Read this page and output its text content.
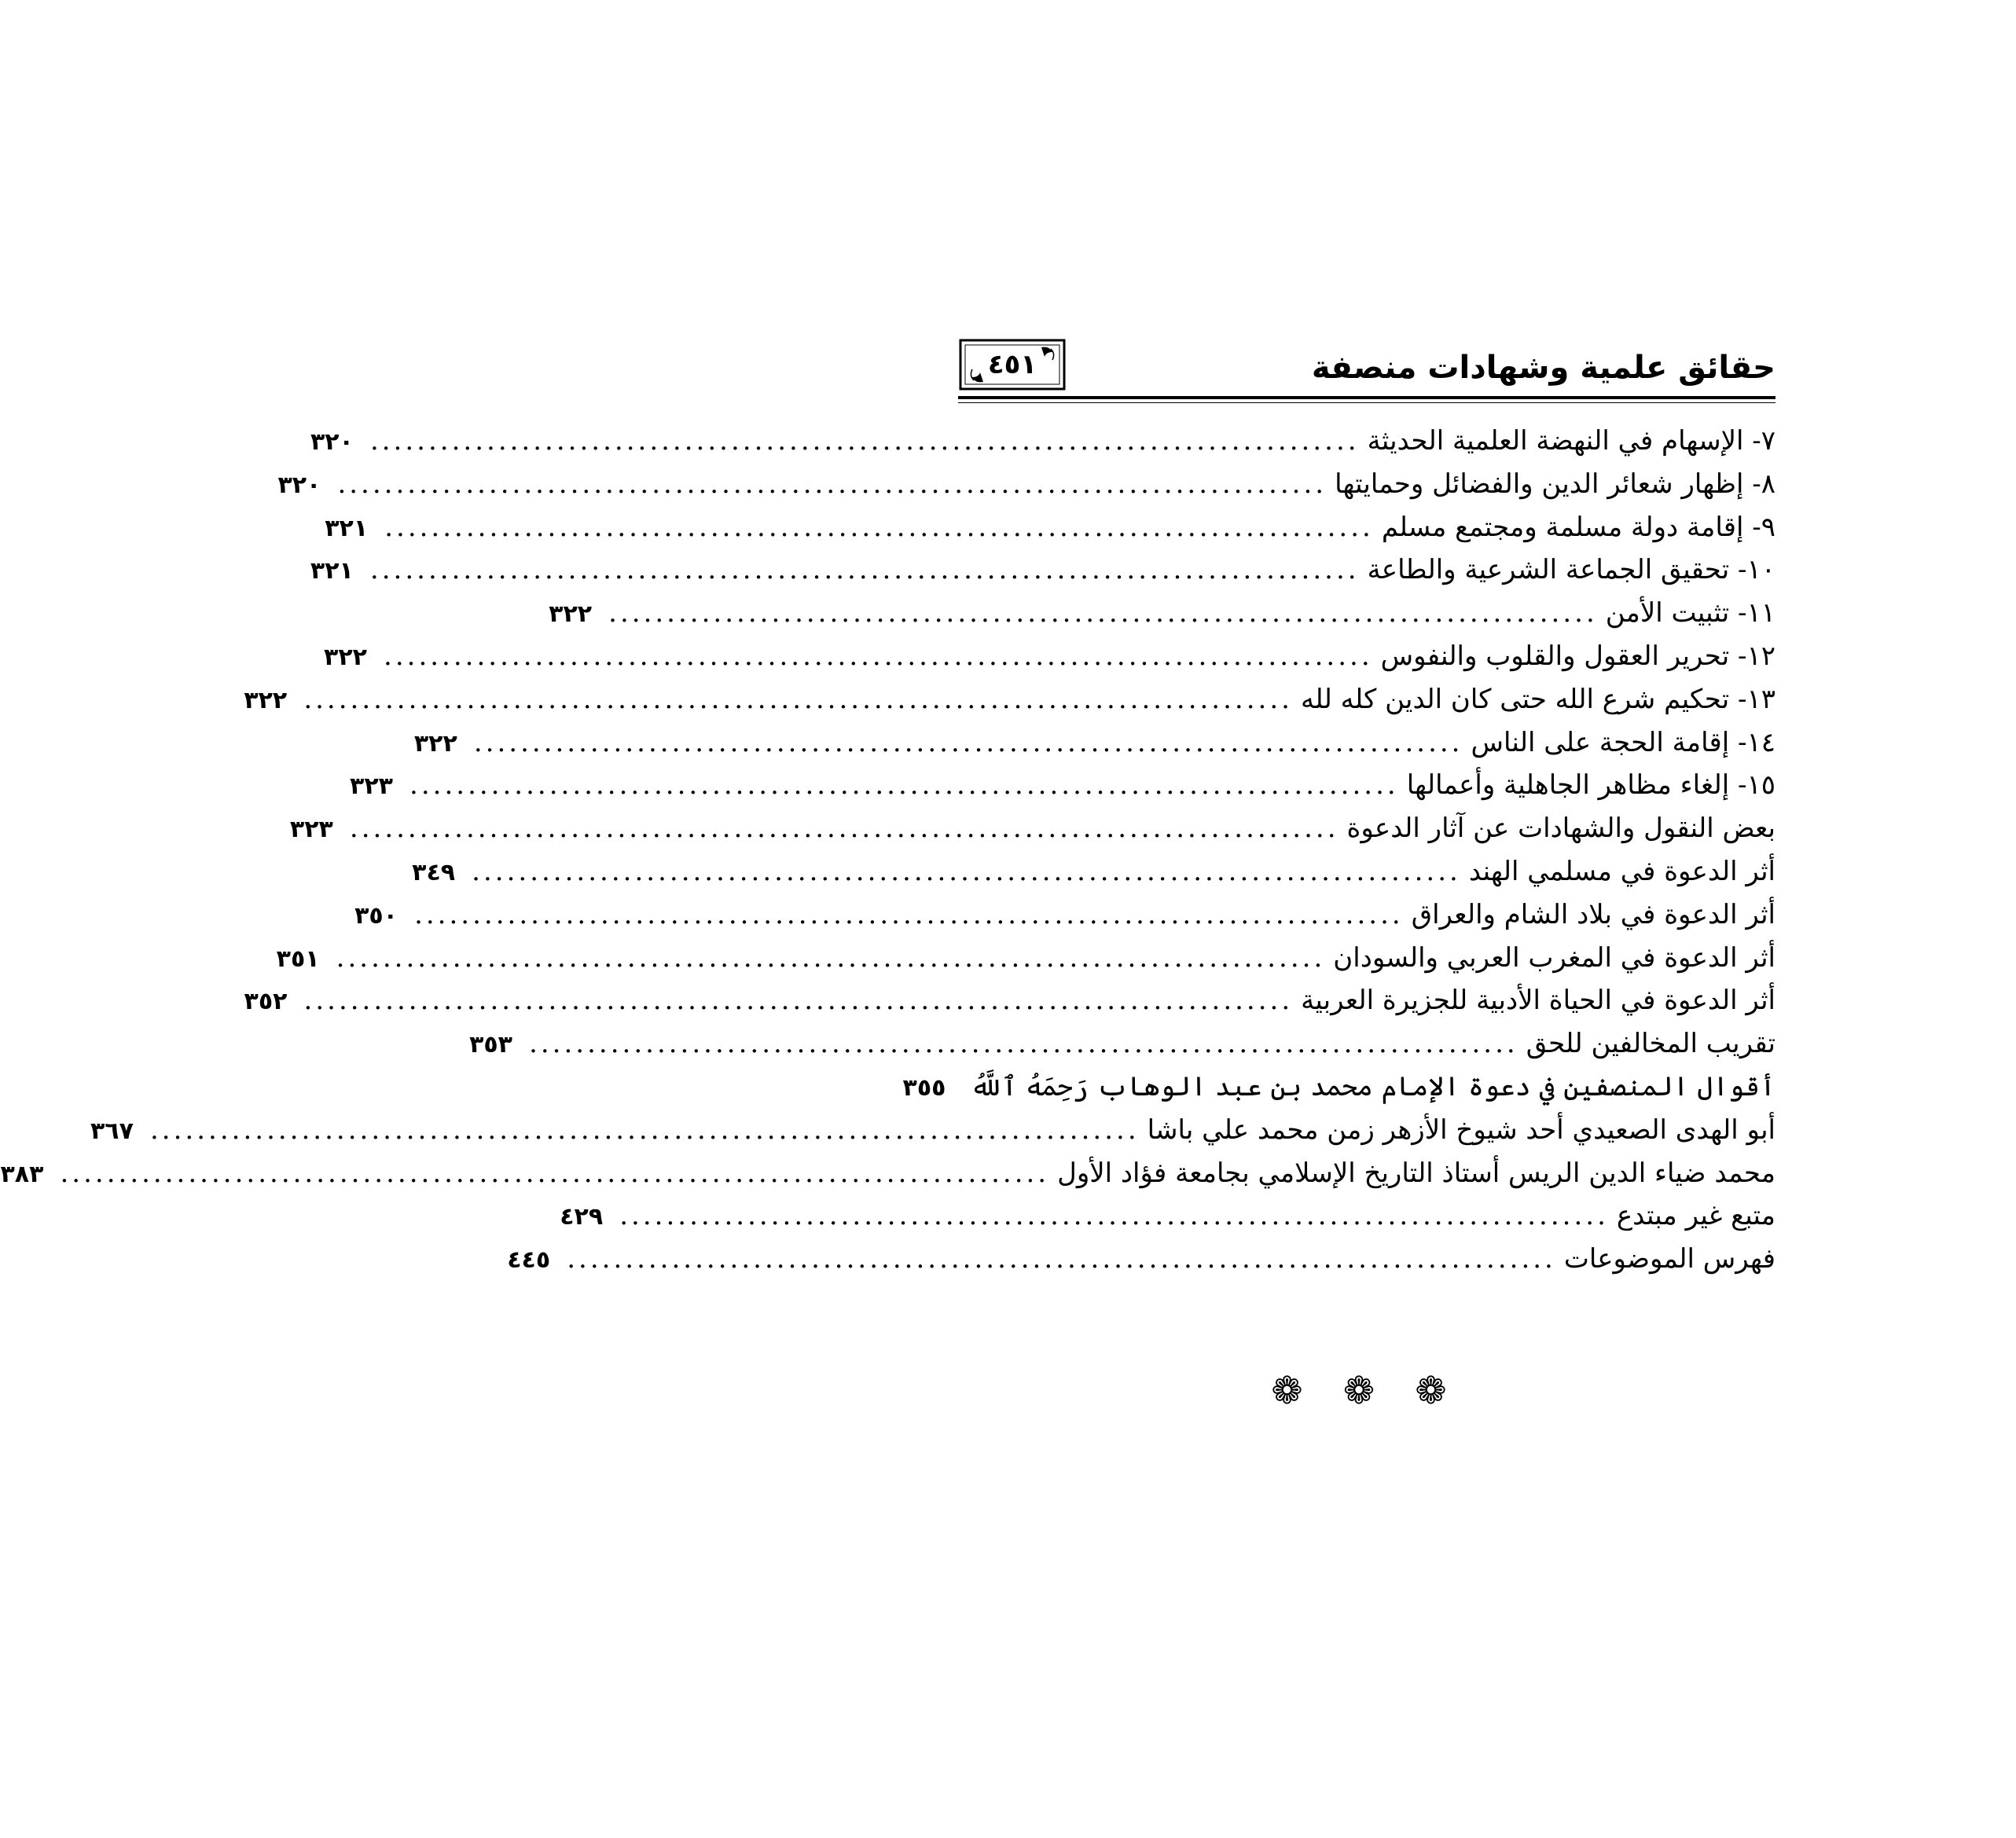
حقائق علمية وشهادات منصفة
٤٥١
٧- الإسهام في النهضة العلمية الحديثة
.....................................................................................
٣٢٠
٨- إظهار شعائر الدين والفضائل وحمايتها
.....................................................................................
٣٢٠
٩- إقامة دولة مسلمة ومجتمع مسلم
.....................................................................................
٣٢١
١٠- تحقيق الجماعة الشرعية والطاعة
.....................................................................................
٣٢١
١١- تثبيت الأمن
.....................................................................................
٣٢٢
١٢- تحرير العقول والقلوب والنفوس
.....................................................................................
٣٢٢
١٣- تحكيم شرع الله حتى كان الدين كله لله
.....................................................................................
٣٢٢
١٤- إقامة الحجة على الناس
.....................................................................................
٣٢٢
١٥- إلغاء مظاهر الجاهلية وأعمالها
.....................................................................................
٣٢٣
بعض النقول والشهادات عن آثار الدعوة
.....................................................................................
٣٢٣
أثر الدعوة في مسلمي الهند
.....................................................................................
٣٤٩
أثر الدعوة في بلاد الشام والعراق
.....................................................................................
٣٥٠
أثر الدعوة في المغرب العربي والسودان
.....................................................................................
٣٥١
أثر الدعوة في الحياة الأدبية للجزيرة العربية
.....................................................................................
٣٥٢
تقريب المخالفين للحق
.....................................................................................
٣٥٣
أقوال المنصفين في دعوة الإمام محمد بن عبد الوهاب رَحِمَهُ ٱللَّهُ
٣٥٥
أبو الهدى الصعيدي أحد شيوخ الأزهر زمن محمد علي باشا
.....................................................................................
٣٦٧
محمد ضياء الدين الريس أستاذ التاريخ الإسلامي بجامعة فؤاد الأول
.....................................................................................
٣٨٣
متبع غير مبتدع
.....................................................................................
٤٢٩
فهرس الموضوعات
.....................................................................................
٤٤٥
❁ ❁ ❁
